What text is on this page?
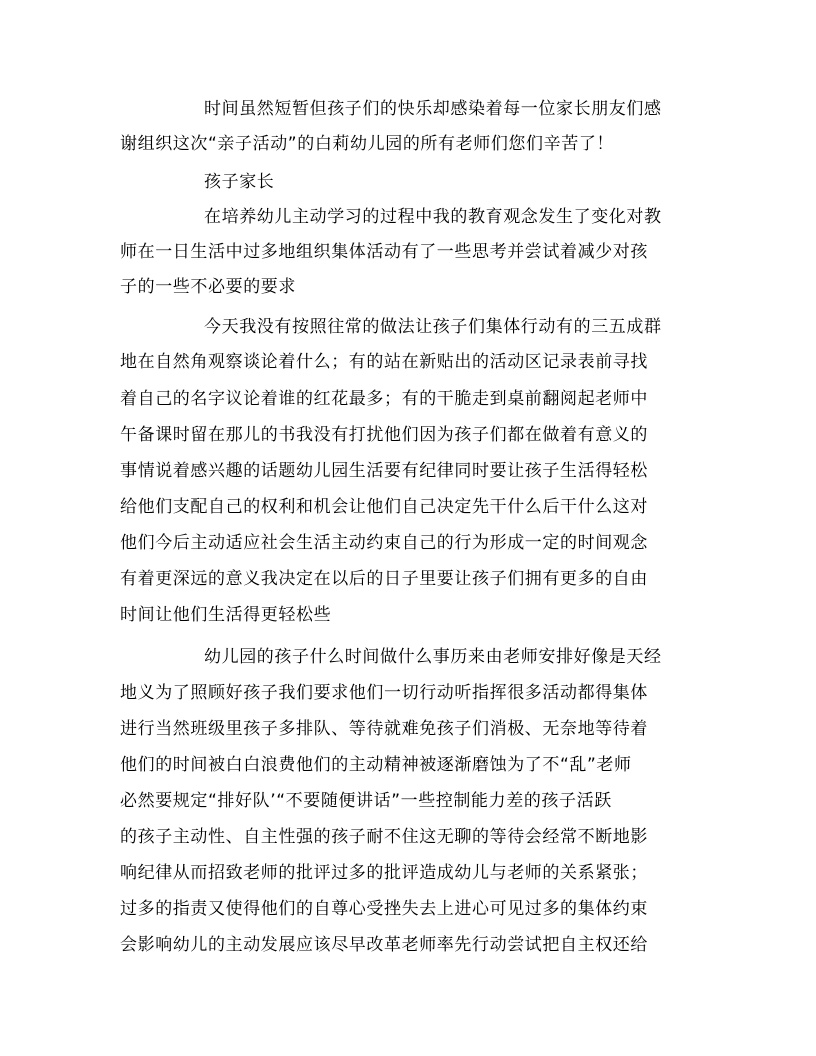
时间虽然短暂但孩子们的快乐却感染着每一位家长朋友们感
谢组织这次“亲子活动”的白莉幼儿园的所有老师们您们辛苦了！
孩子家长
在培养幼儿主动学习的过程中我的教育观念发生了变化对教
师在一日生活中过多地组织集体活动有了一些思考并尝试着减少对孩
子的一些不必要的要求
今天我没有按照往常的做法让孩子们集体行动有的三五成群
地在自然角观察谈论着什么；有的站在新贴出的活动区记录表前寻找
着自己的名字议论着谁的红花最多；有的干脆走到桌前翻阅起老师中
午备课时留在那儿的书我没有打扰他们因为孩子们都在做着有意义的
事情说着感兴趣的话题幼儿园生活要有纪律同时要让孩子生活得轻松
给他们支配自己的权利和机会让他们自己决定先干什么后干什么这对
他们今后主动适应社会生活主动约束自己的行为形成一定的时间观念
有着更深远的意义我决定在以后的日子里要让孩子们拥有更多的自由
时间让他们生活得更轻松些
幼儿园的孩子什么时间做什么事历来由老师安排好像是天经
地义为了照顾好孩子我们要求他们一切行动听指挥很多活动都得集体
进行当然班级里孩子多排队、等待就难免孩子们消极、无奈地等待着
他们的时间被白白浪费他们的主动精神被逐渐磨蚀为了不“乱”老师
必然要规定“排好队’“不要随便讲话”一些控制能力差的孩子活跃
的孩子主动性、自主性强的孩子耐不住这无聊的等待会经常不断地影
响纪律从而招致老师的批评过多的批评造成幼儿与老师的关系紧张；
过多的指责又使得他们的自尊心受挫失去上进心可见过多的集体约束
会影响幼儿的主动发展应该尽早改革老师率先行动尝试把自主权还给
